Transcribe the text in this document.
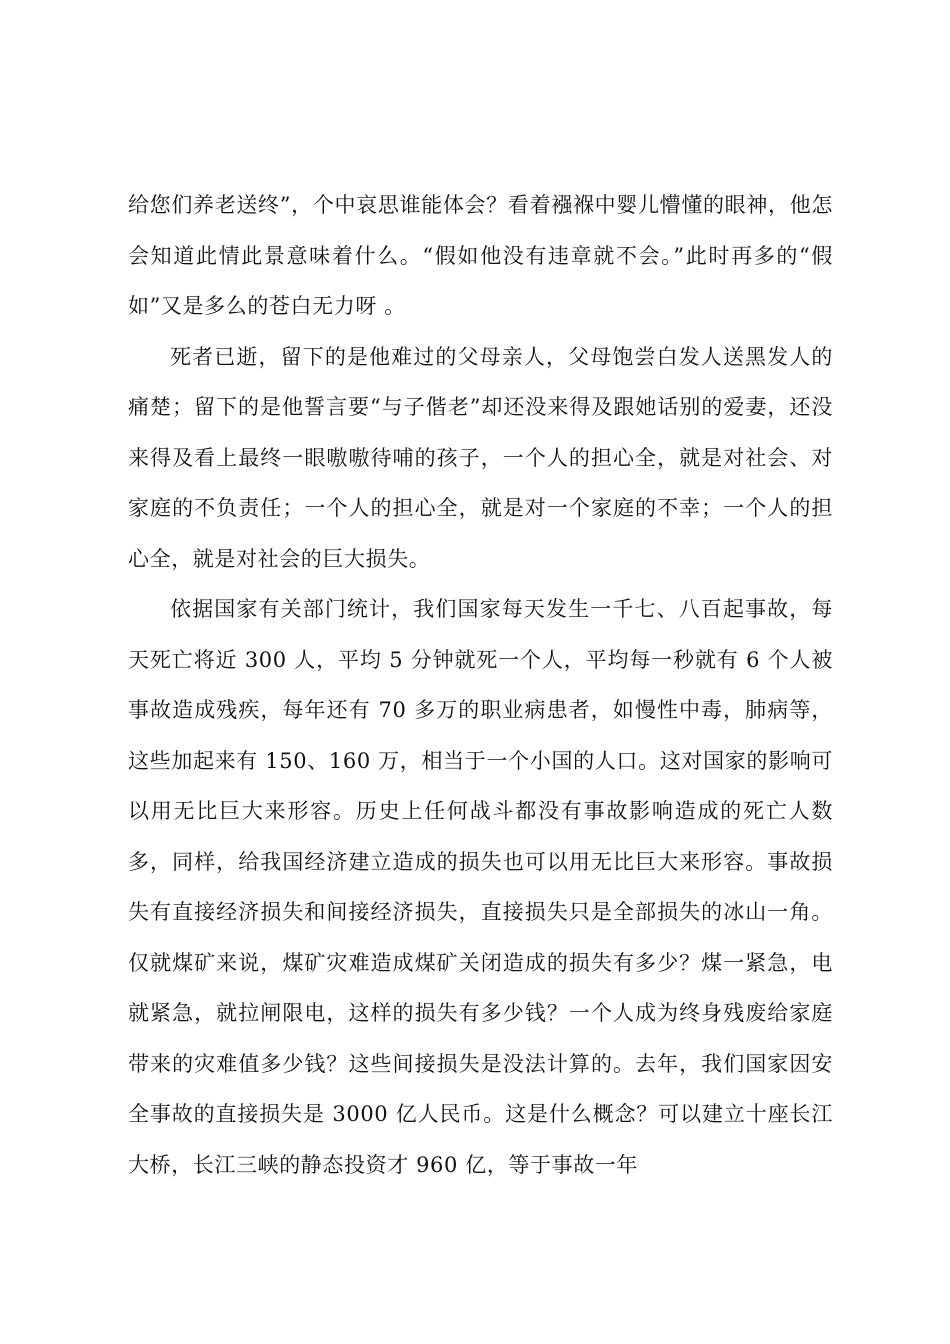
给您们养老送终”，个中哀思谁能体会？看着襁褓中婴儿懵懂的眼神，他怎会知道此情此景意味着什么。“假如他没有违章就不会。”此时再多的“假如”又是多么的苍白无力呀 。

死者已逝，留下的是他难过的父母亲人，父母饱尝白发人送黑发人的痛楚；留下的是他誓言要“与子偕老”却还没来得及跟她话别的爱妻，还没来得及看上最终一眼嗷嗷待哺的孩子，一个人的担心全，就是对社会、对家庭的不负责任；一个人的担心全，就是对一个家庭的不幸；一个人的担心全，就是对社会的巨大损失。

依据国家有关部门统计，我们国家每天发生一千七、八百起事故，每天死亡将近 300 人，平均 5 分钟就死一个人，平均每一秒就有 6 个人被事故造成残疾，每年还有 70 多万的职业病患者，如慢性中毒，肺病等，这些加起来有 150、160 万，相当于一个小国的人口。这对国家的影响可以用无比巨大来形容。历史上任何战斗都没有事故影响造成的死亡人数多，同样，给我国经济建立造成的损失也可以用无比巨大来形容。事故损失有直接经济损失和间接经济损失，直接损失只是全部损失的冰山一角。仅就煤矿来说，煤矿灾难造成煤矿关闭造成的损失有多少？煤一紧急，电就紧急，就拉闸限电，这样的损失有多少钱？一个人成为终身残废给家庭带来的灾难值多少钱？这些间接损失是没法计算的。去年，我们国家因安全事故的直接损失是 3000 亿人民币。这是什么概念？可以建立十座长江大桥，长江三峡的静态投资才 960 亿，等于事故一年
